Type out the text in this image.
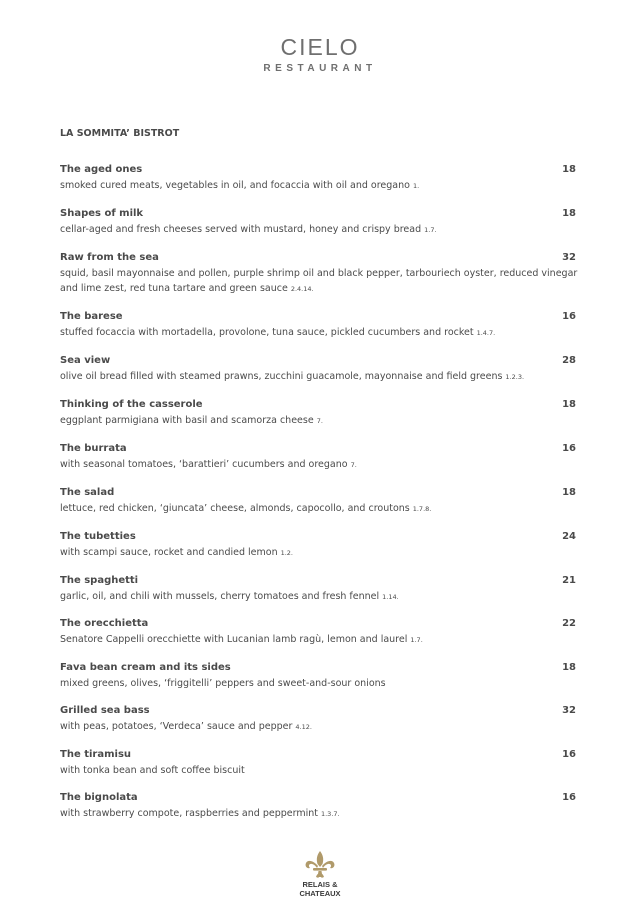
CIELO
RESTAURANT
LA SOMMITA’ BISTROT
The aged ones	18
smoked cured meats, vegetables in oil, and focaccia with oil and oregano 1.
Shapes of milk	18
cellar-aged and fresh cheeses served with mustard, honey and crispy bread 1.7.
Raw from the sea	32
squid, basil mayonnaise and pollen, purple shrimp oil and black pepper, tarbouriech oyster, reduced vinegar and lime zest, red tuna tartare and green sauce 2.4.14.
The barese	16
stuffed focaccia with mortadella, provolone, tuna sauce, pickled cucumbers and rocket 1.4.7.
Sea view	28
olive oil bread filled with steamed prawns, zucchini guacamole, mayonnaise and field greens 1.2.3.
Thinking of the casserole	18
eggplant parmigiana with basil and scamorza cheese 7.
The burrata	16
with seasonal tomatoes, ‘barattieri’ cucumbers and oregano 7.
The salad	18
lettuce, red chicken, ‘giuncata’ cheese, almonds, capocollo, and croutons 1.7.8.
The tubetties	24
with scampi sauce, rocket and candied lemon 1.2.
The spaghetti	21
garlic, oil, and chili with mussels, cherry tomatoes and fresh fennel 1.14.
The orecchietta	22
Senatore Cappelli orecchiette with Lucanian lamb ragù, lemon and laurel 1.7.
Fava bean cream and its sides	18
mixed greens, olives, ‘friggitelli’ peppers and sweet-and-sour onions
Grilled sea bass	32
with peas, potatoes, ‘Verdeca’ sauce and pepper 4.12.
The tiramisu	16
with tonka bean and soft coffee biscuit
The bignolata	16
with strawberry compote, raspberries and peppermint 1.3.7.
RELAIS &
CHATEAUX
